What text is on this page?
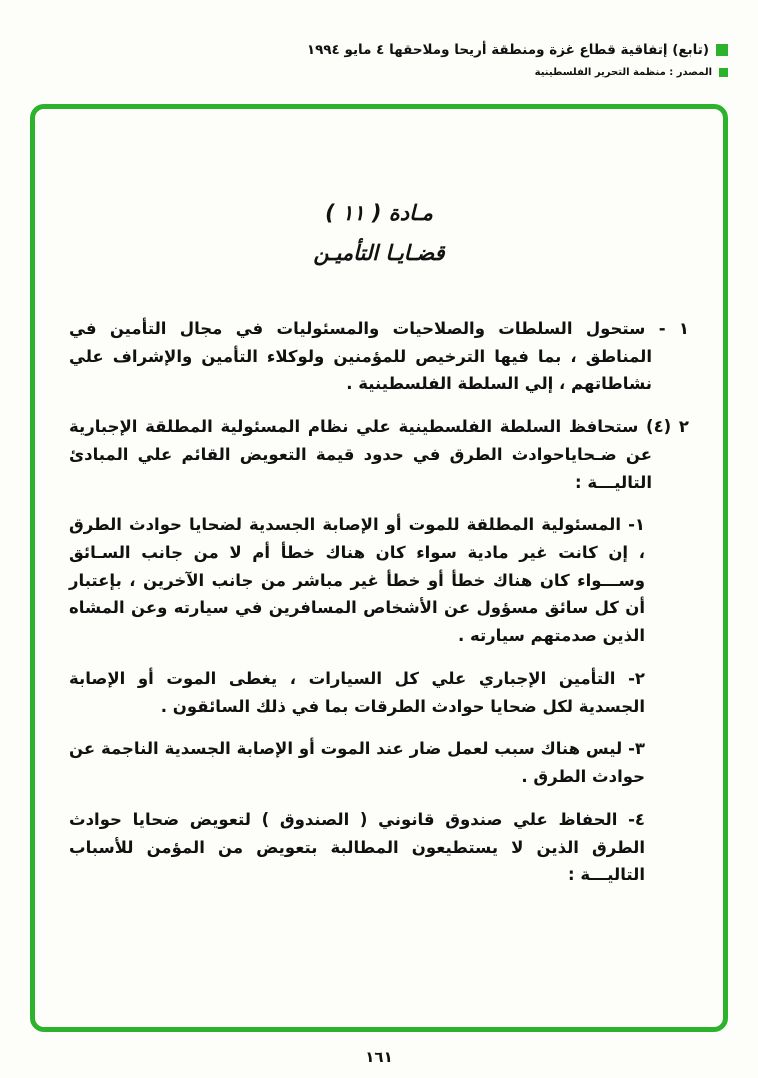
(تابع) إتفاقية قطاع غزة ومنطقة أريحا وملاحقها ٤ مايو ١٩٩٤
المصدر : منظمة التحرير الفلسطينية
مـادة ( ١١ )
قضـايـا التأميـن

١ - ستحول السلطات والصلاحيات والمسئوليات في مجال التأمين في المناطق ، بما فيها الترخيص للمؤمنين ولوكلاء التأمين والإشراف علي نشاطاتهم ، إلي السلطة الفلسطينية .

٢ (٤) ستحافظ السلطة الفلسطينية علي نظام المسئولية المطلقة الإجبارية عن ضـحاياحوادث الطرق في حدود قيمة التعويض القائم علي المبادئ التاليـــة :

١- المسئولية المطلقة للموت أو الإصابة الجسدية لضحايا حوادث الطرق ، إن كانت غير مادية سواء كان هناك خطأ أم لا من جانب السـائق وســـواء كان هناك خطأ أو خطأ غير مباشر من جانب الآخرين ، بإعتبار أن كل سائق مسؤول عن الأشخاص المسافرين في سيارته وعن المشاه الذين صدمتهم سيارته .

٢- التأمين الإجباري علي كل السيارات ، يغطى الموت أو الإصابة الجسدية لكل ضحايا حوادث الطرقات بما في ذلك السائقون .

٣- ليس هناك سبب لعمل ضار عند الموت أو الإصابة الجسدية الناجمة عن حوادث الطرق .

٤- الحفاظ علي صندوق قانوني ( الصندوق ) لتعويض ضحايا حوادث الطرق الذين لا يستطيعون المطالبة بتعويض من المؤمن للأسباب التاليـــة :

١٦١
